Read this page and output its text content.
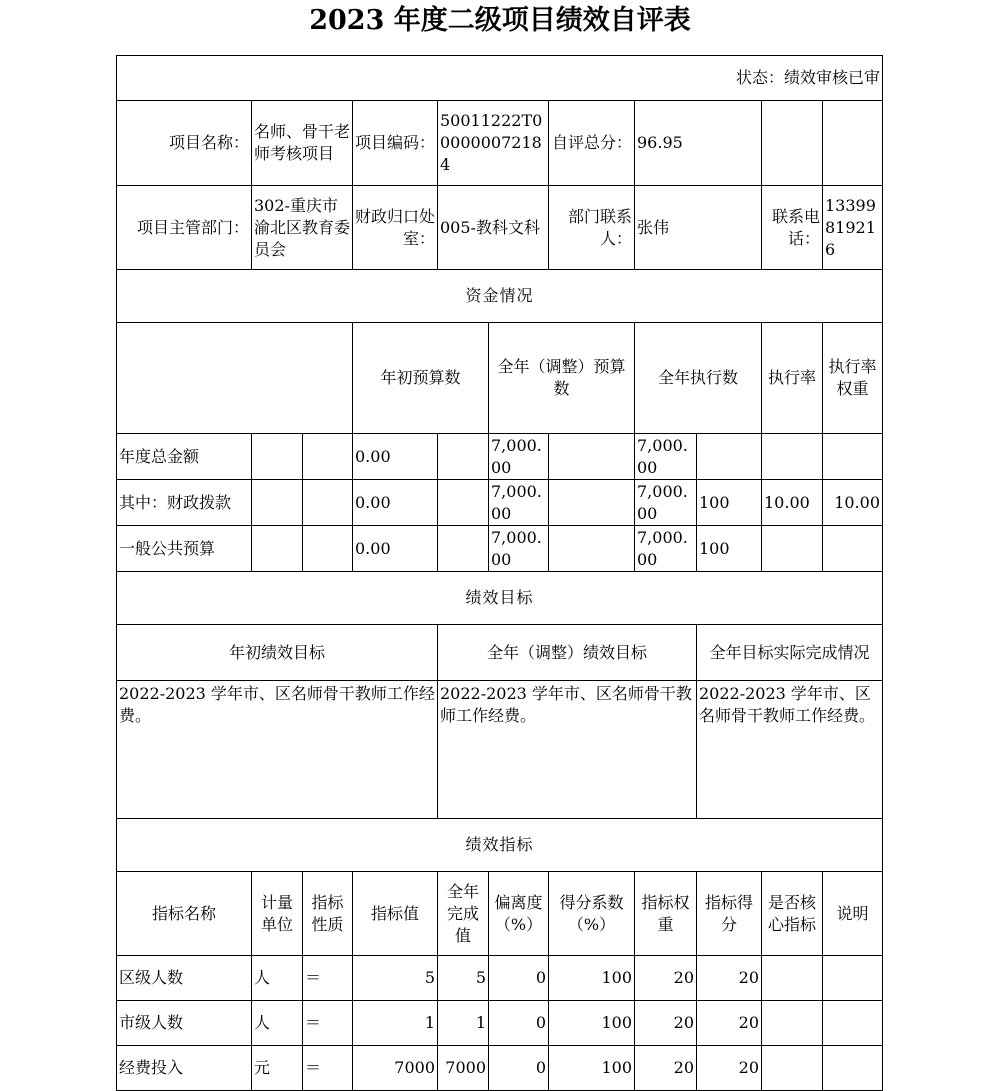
2023 年度二级项目绩效自评表
状态：绩效审核已审											
项目名称：	名师、骨干老师考核项目		项目编码：	50011222T000000072184		自评总分：	96.95				
项目主管部门：	302-重庆市渝北区教育委员会		财政归口处室：	005-教科文科		部门联系人：	张伟		联系电话：	13399819216	
资金情况											
			年初预算数		全年（调整）预算数		全年执行数		执行率	执行率权重	
年度总金额			0.00		7,000.00		7,000.00				
其中：财政拨款			0.00		7,000.00		7,000.00	100	10.00	10.00	
一般公共预算			0.00		7,000.00		7,000.00	100			
绩效目标											
年初绩效目标				全年（调整）绩效目标				全年目标实际完成情况			
2022-2023 学年市、区名师骨干教师工作经费。				2022-2023 学年市、区名师骨干教师工作经费。				2022-2023 学年市、区名师骨干教师工作经费。			
绩效指标											
指标名称	计量单位	指标性质	指标值	全年完成值	偏离度（%）	得分系数（%）	指标权重	指标得分	是否核心指标	说明	
区级人数	人	＝	5	5	0	100	20	20			
市级人数	人	＝	1	1	0	100	20	20			
经费投入	元	＝	7000	7000	0	100	20	20			
